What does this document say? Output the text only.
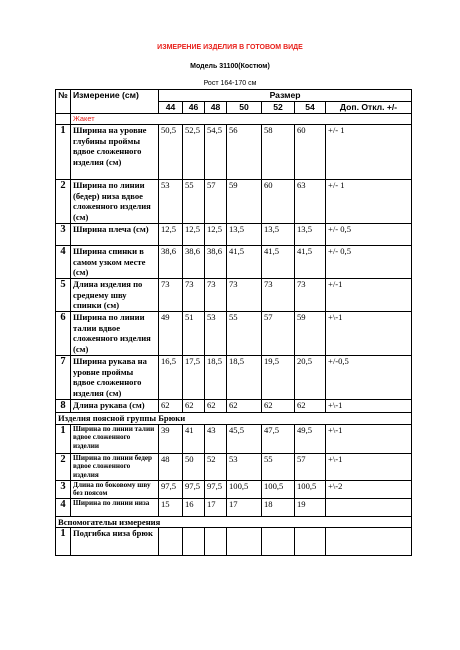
ИЗМЕРЕНИЕ ИЗДЕЛИЯ В ГОТОВОМ ВИДЕ
Модель 31100(Костюм)
Рост 164-170 см
№	Измерение (см)	Размер						
		44	46	48	50	52	54	Доп. Откл. +/-
	Жакет							
1	Ширина на уровне глубины проймы вдвое сложенного изделия (см)	50,5	52,5	54,5	56	58	60	+/- 1
2	Ширина по линии (бедер) низа вдвое сложенного изделия (см)	53	55	57	59	60	63	+/- 1
3	Ширина плеча (см)	12,5	12,5	12,5	13,5	13,5	13,5	+/- 0,5
4	Ширина спинки в самом узком месте (см)	38,6	38,6	38,6	41,5	41,5	41,5	+/- 0,5
5	Длина изделия по среднему шву спинки (см)	73	73	73	73	73	73	+/-1
6	Ширина по линии талии вдвое сложенного изделия (см)	49	51	53	55	57	59	+\-1
7	Ширина рукава на уровне проймы вдвое сложенного изделия (см)	16,5	17,5	18,5	18,5	19,5	20,5	+/-0,5
8	Длина рукава (см)	62	62	62	62	62	62	+\-1
Изделия поясной группы Брюки								
1	Ширина по линии талии вдвое сложенного изделии	39	41	43	45,5	47,5	49,5	+\-1
2	Ширина по линии бедер вдвое сложенного изделия	48	50	52	53	55	57	+\-1
3	Длина по боковому шву без поясом	97,5	97,5	97,5	100,5	100,5	100,5	+\-2
4	Ширина по линии низа	15	16	17	17	18	19	
Вспомогательн измерения								
1	Подгибка низа брюк							
